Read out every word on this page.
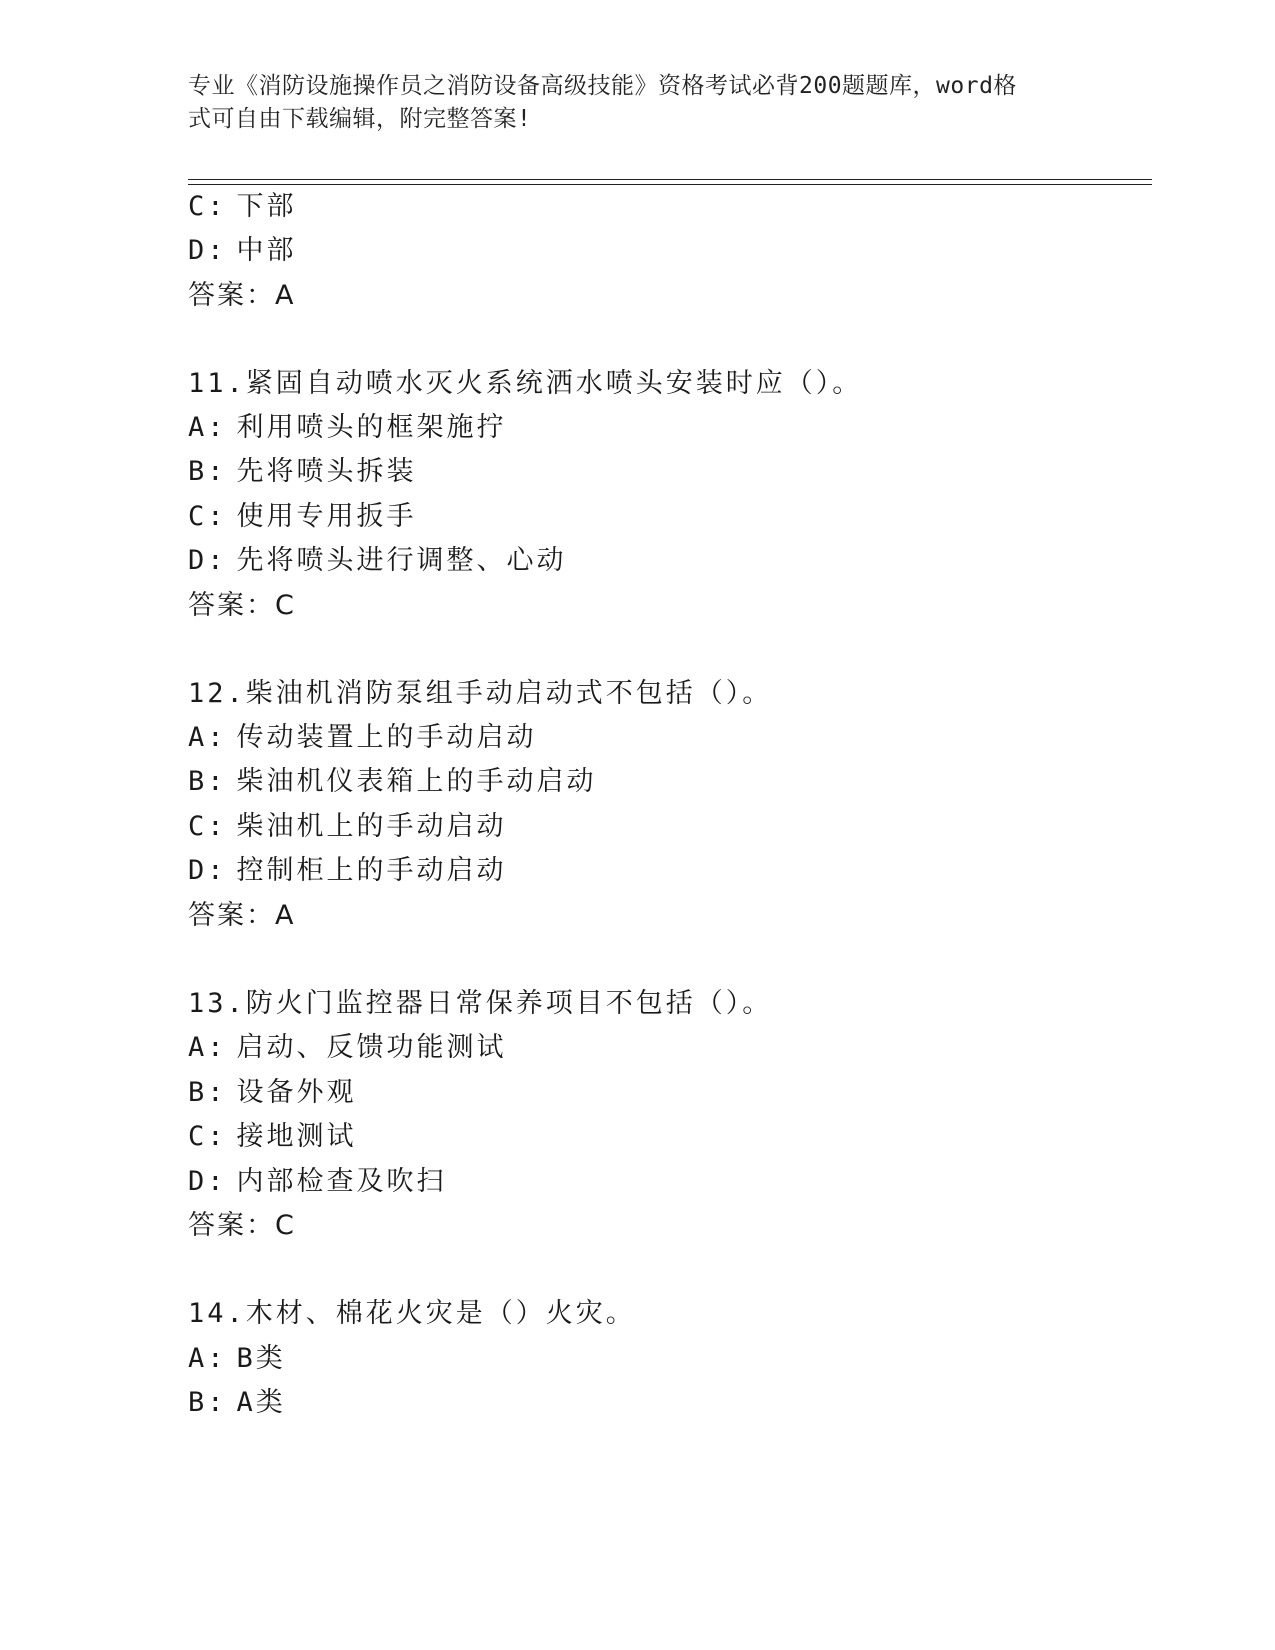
专业《消防设施操作员之消防设备高级技能》资格考试必背200题题库，word格
式可自由下载编辑，附完整答案!
C: 下部
D: 中部
答案：A
11.紧固自动喷水灭火系统洒水喷头安装时应（）。
A: 利用喷头的框架施拧
B: 先将喷头拆装
C: 使用专用扳手
D: 先将喷头进行调整、心动
答案：C
12.柴油机消防泵组手动启动式不包括（）。
A: 传动装置上的手动启动
B: 柴油机仪表箱上的手动启动
C: 柴油机上的手动启动
D: 控制柜上的手动启动
答案：A
13.防火门监控器日常保养项目不包括（）。
A: 启动、反馈功能测试
B: 设备外观
C: 接地测试
D: 内部检查及吹扫
答案：C
14.木材、棉花火灾是（）火灾。
A: B类
B: A类
